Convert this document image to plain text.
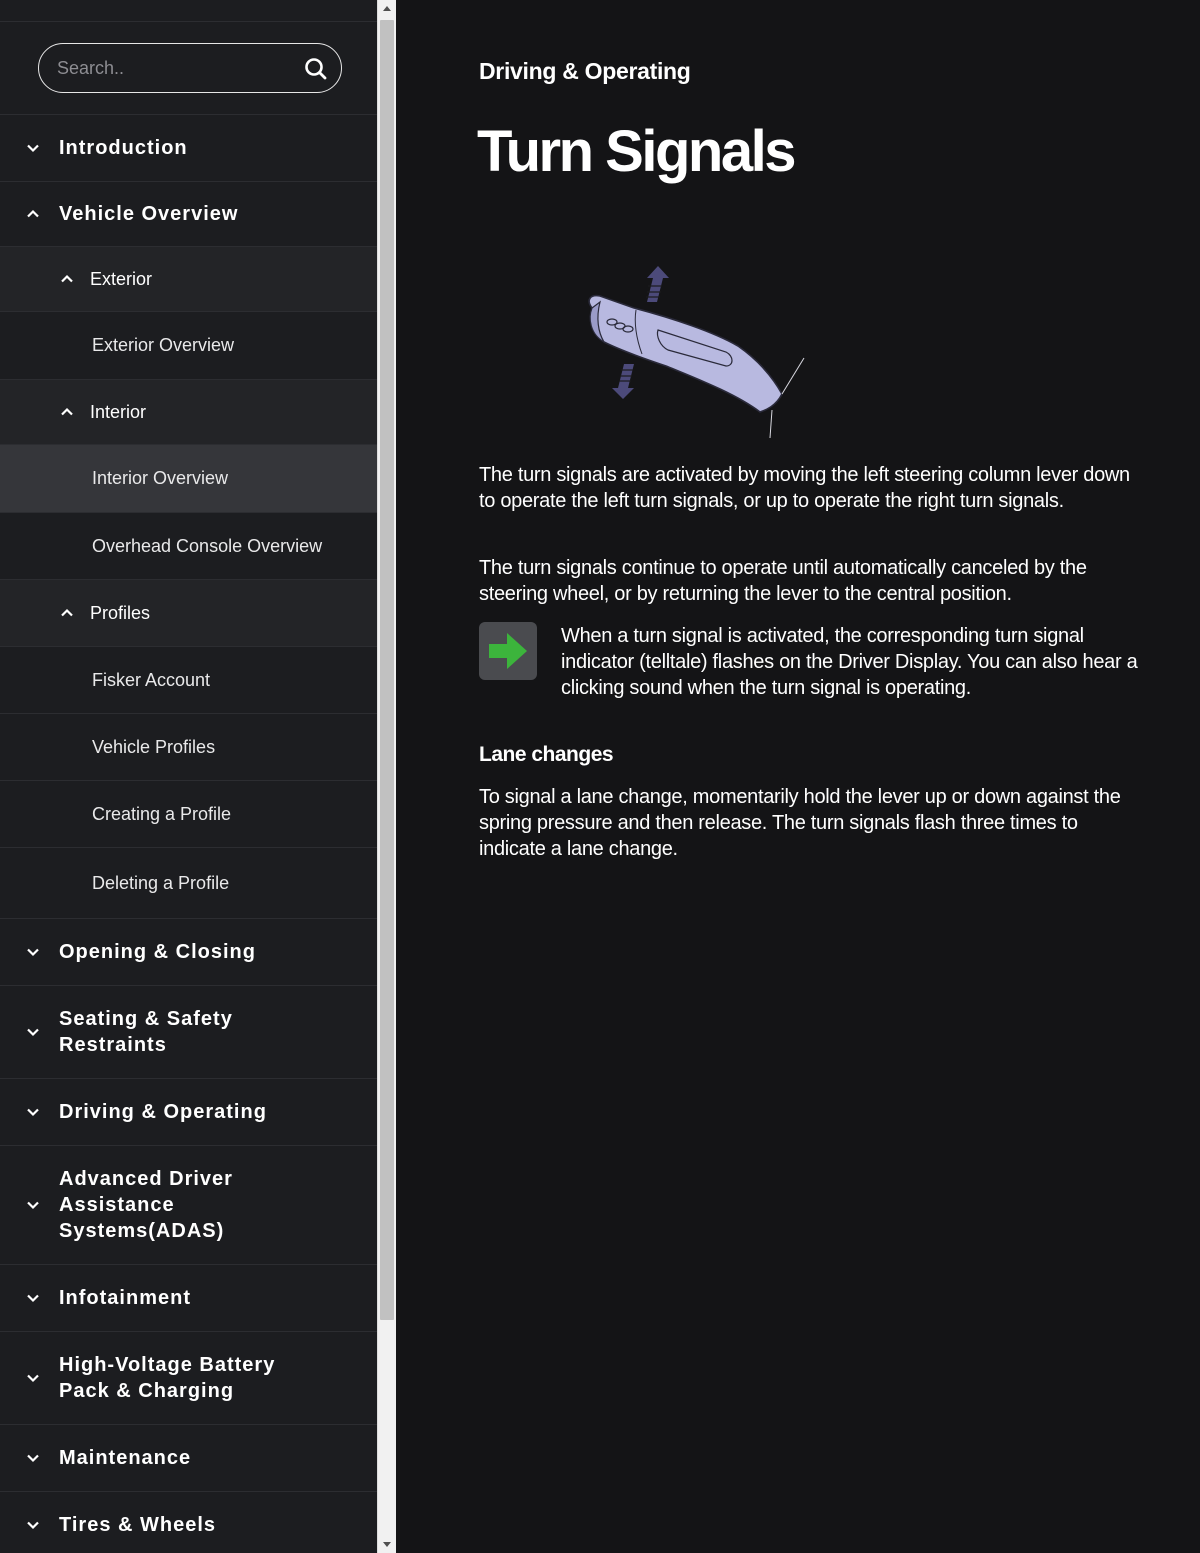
Search..
Introduction
Vehicle Overview
Exterior
Exterior Overview
Interior
Interior Overview
Overhead Console Overview
Profiles
Fisker Account
Vehicle Profiles
Creating a Profile
Deleting a Profile
Opening & Closing
Seating & Safety
Restraints
Driving & Operating
Advanced Driver
Assistance
Systems(ADAS)
Infotainment
High-Voltage Battery
Pack & Charging
Maintenance
Tires & Wheels
Driving & Operating
Turn Signals

The turn signals are activated by moving the left steering column lever down to operate the left turn signals, or up to operate the right turn signals.

The turn signals continue to operate until automatically canceled by the steering wheel, or by returning the lever to the central position.

When a turn signal is activated, the corresponding turn signal indicator (telltale) flashes on the Driver Display. You can also hear a clicking sound when the turn signal is operating.

Lane changes

To signal a lane change, momentarily hold the lever up or down against the spring pressure and then release. The turn signals flash three times to indicate a lane change.
